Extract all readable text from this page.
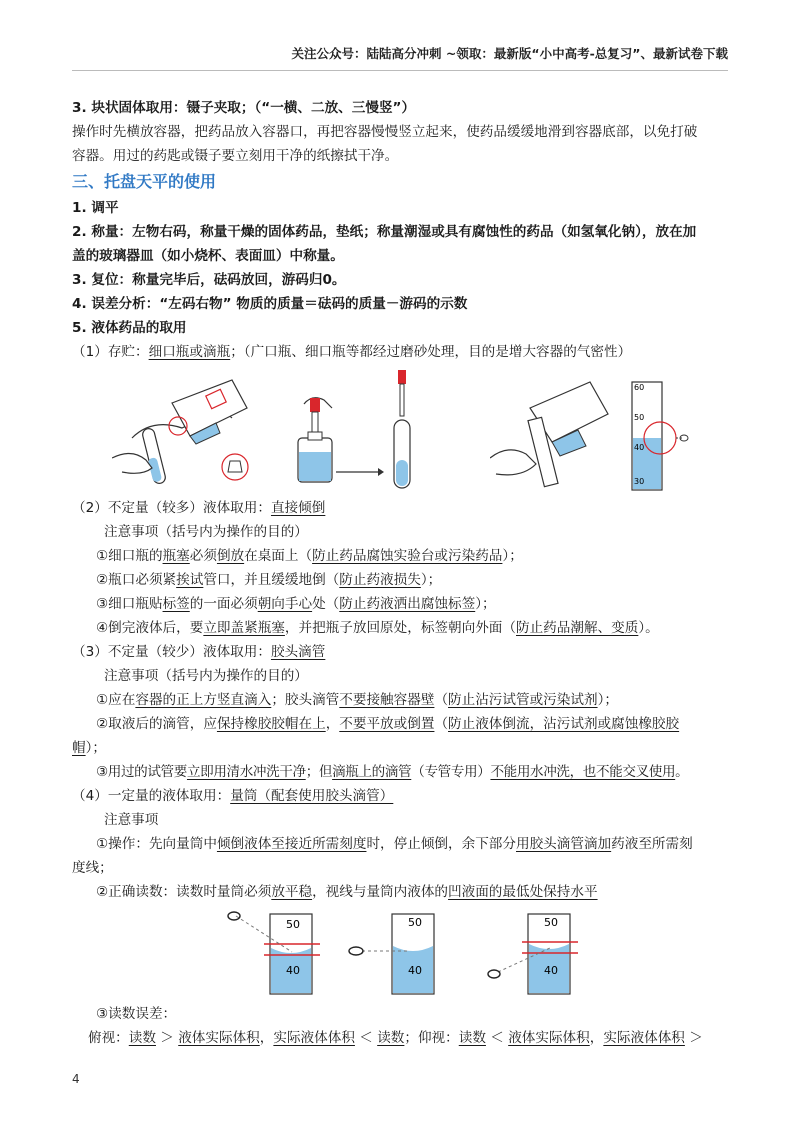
关注公众号：陆陆高分冲刺 ~领取：最新版“小中高考-总复习”、最新试卷下载

3. 块状固体取用：镊子夹取；（“一横、二放、三慢竖”）

操作时先横放容器，把药品放入容器口，再把容器慢慢竖立起来，使药品缓缓地滑到容器底部，以免打破

容器。用过的药匙或镊子要立刻用干净的纸擦拭干净。

三、托盘天平的使用

1. 调平

2. 称量：左物右码，称量干燥的固体药品，垫纸；称量潮湿或具有腐蚀性的药品（如氢氧化钠），放在加

盖的玻璃器皿（如小烧杯、表面皿）中称量。

3. 复位：称量完毕后，砝码放回，游码归0。

4. 误差分析：“左码右物” 物质的质量＝砝码的质量－游码的示数

5. 液体药品的取用

（1）存贮：细口瓶或滴瓶；（广口瓶、细口瓶等都经过磨砂处理，目的是增大容器的气密性）

60
50
40
30

（2）不定量（较多）液体取用：直接倾倒

注意事项（括号内为操作的目的）

①细口瓶的瓶塞必须倒放在桌面上（防止药品腐蚀实验台或污染药品）；

②瓶口必须紧挨试管口，并且缓缓地倒（防止药液损失）；

③细口瓶贴标签的一面必须朝向手心处（防止药液洒出腐蚀标签）；

④倒完液体后，要立即盖紧瓶塞，并把瓶子放回原处，标签朝向外面（防止药品潮解、变质）。

（3）不定量（较少）液体取用：胶头滴管

注意事项（括号内为操作的目的）

①应在容器的正上方竖直滴入；胶头滴管不要接触容器壁（防止沾污试管或污染试剂）；

②取液后的滴管，应保持橡胶胶帽在上，不要平放或倒置（防止液体倒流，沾污试剂或腐蚀橡胶胶

帽）；

③用过的试管要立即用清水冲洗干净；但滴瓶上的滴管（专管专用）不能用水冲洗，也不能交叉使用。

（4）一定量的液体取用：量筒（配套使用胶头滴管）

注意事项

①操作：先向量筒中倾倒液体至接近所需刻度时，停止倾倒，余下部分用胶头滴管滴加药液至所需刻

度线；

②正确读数：读数时量筒必须放平稳，视线与量筒内液体的凹液面的最低处保持水平

50
40
50
40
50
40

③读数误差：

俯视：读数 ＞ 液体实际体积，实际液体体积 ＜ 读数；仰视：读数 ＜ 液体实际体积，实际液体体积 ＞

4
